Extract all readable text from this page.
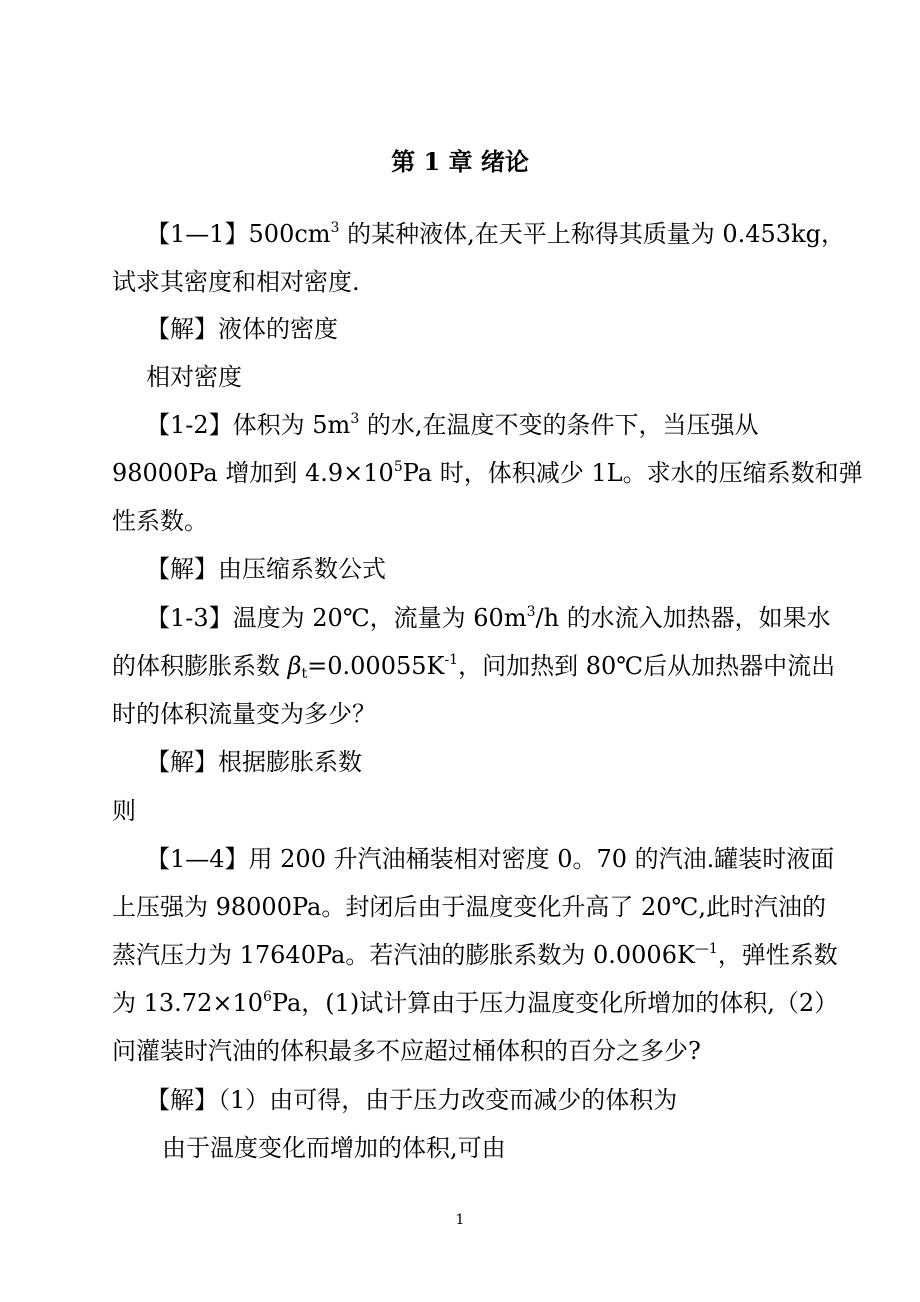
第 1 章 绪论

【1—1】$500cm^3$ 的某种液体,在天平上称得其质量为 0.453kg，

试求其密度和相对密度.

【解】液体的密度

相对密度

【1-2】体积为 $5m^3$ 的水,在温度不变的条件下，当压强从

98000Pa 增加到 $4.9\times 10^5Pa$ 时，体积减少 1L。求水的压缩系数和弹

性系数。

【解】由压缩系数公式

【1-3】温度为 20℃，流量为 $60m^3/h$ 的水流入加热器，如果水

的体积膨胀系数 $\beta_t=0.00055K^{-1}$，问加热到 80℃后从加热器中流出

时的体积流量变为多少？

【解】根据膨胀系数

则

【1—4】用 200 升汽油桶装相对密度 0。70 的汽油.罐装时液面

上压强为 98000Pa。封闭后由于温度变化升高了 20℃,此时汽油的

蒸汽压力为 17640Pa。若汽油的膨胀系数为 $0.0006K^{—1}$，弹性系数

为 $13.72\times 10^6Pa$，(1)试计算由于压力温度变化所增加的体积,（2）

问灌装时汽油的体积最多不应超过桶体积的百分之多少?

【解】（1）由可得，由于压力改变而减少的体积为

由于温度变化而增加的体积,可由

1
